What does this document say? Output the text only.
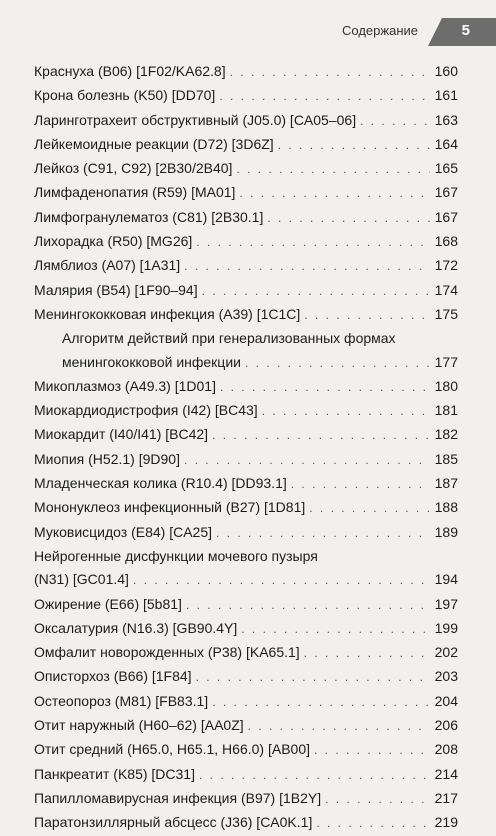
Содержание	5
Краснуха (B06) [1F02/KA62.8] . . .	160
Крона болезнь (K50) [DD70] . . .	161
Ларинготрахеит обструктивный (J05.0) [CA05–06] . . .	163
Лейкемоидные реакции (D72) [3D6Z] . . .	164
Лейкоз (C91, C92) [2B30/2B40] . . .	165
Лимфаденопатия (R59) [MA01] . . .	167
Лимфогранулематоз (C81) [2B30.1] . . .	167
Лихорадка (R50) [MG26] . . .	168
Лямблиоз (A07) [1A31] . . .	172
Малярия (B54) [1F90–94] . . .	174
Менингококковая инфекция (A39) [1C1C] . . .	175
Алгоритм действий при генерализованных формах
менингококковой инфекции . . .	177
Микоплазмоз (A49.3) [1D01] . . .	180
Миокардиодистрофия (I42) [BC43] . . .	181
Миокардит (I40/I41) [BC42] . . .	182
Миопия (H52.1) [9D90] . . .	185
Младенческая колика (R10.4) [DD93.1] . . .	187
Мононуклеоз инфекционный (B27) [1D81] . . .	188
Муковисцидоз (E84) [CA25] . . .	189
Нейрогенные дисфункции мочевого пузыря
(N31) [GC01.4] . . .	194
Ожирение (E66) [5b81] . . .	197
Оксалатурия (N16.3) [GB90.4Y] . . .	199
Омфалит новорожденных (P38) [KA65.1] . . .	202
Описторхоз (B66) [1F84] . . .	203
Остеопороз (M81) [FB83.1] . . .	204
Отит наружный (H60–62) [AA0Z] . . .	206
Отит средний (H65.0, H65.1, H66.0) [AB00] . . .	208
Панкреатит (K85) [DC31] . . .	214
Папилломавирусная инфекция (B97) [1B2Y] . . .	217
Паратонзиллярный абсцесс (J36) [CA0K.1] . . .	219
